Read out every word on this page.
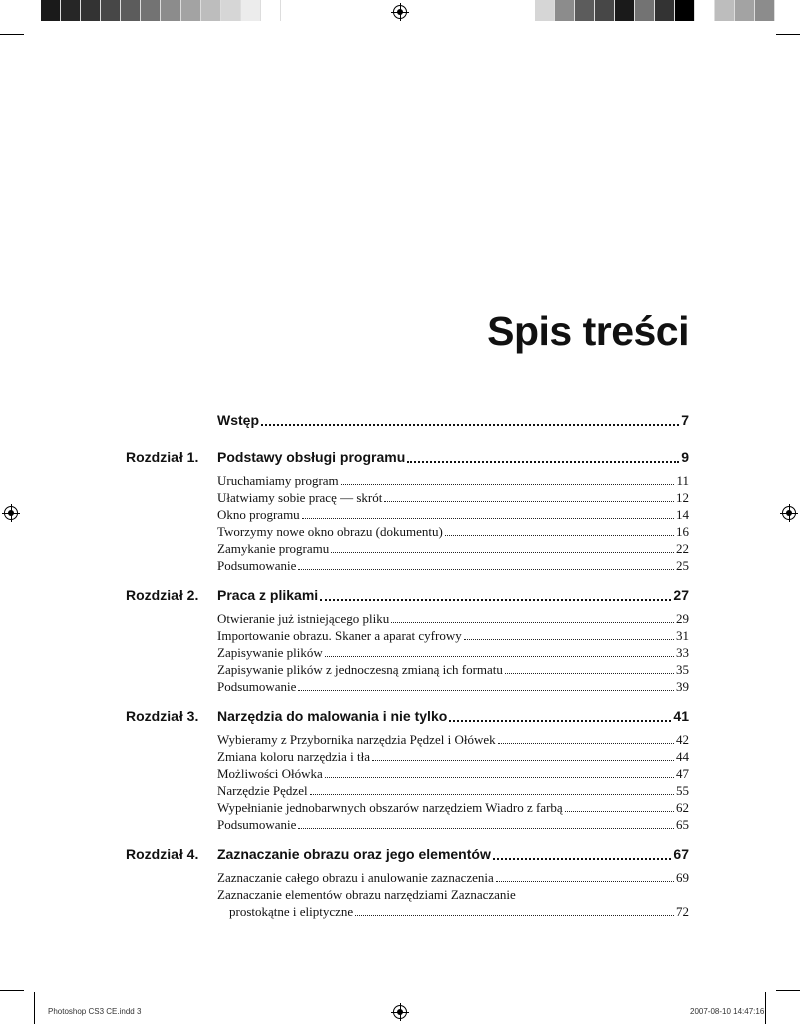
Spis treści
Wstęp	7
Rozdział 1. Podstawy obsługi programu	9
Uruchamiamy program	11
Ułatwiamy sobie pracę — skrót	12
Okno programu	14
Tworzymy nowe okno obrazu (dokumentu)	16
Zamykanie programu	22
Podsumowanie	25
Rozdział 2. Praca z plikami	27
Otwieranie już istniejącego pliku	29
Importowanie obrazu. Skaner a aparat cyfrowy	31
Zapisywanie plików	33
Zapisywanie plików z jednoczesną zmianą ich formatu	35
Podsumowanie	39
Rozdział 3. Narzędzia do malowania i nie tylko	41
Wybieramy z Przybornika narzędzia Pędzel i Ołówek	42
Zmiana koloru narzędzia i tła	44
Możliwości Ołówka	47
Narzędzie Pędzel	55
Wypełnianie jednobarwnych obszarów narzędziem Wiadro z farbą	62
Podsumowanie	65
Rozdział 4. Zaznaczanie obrazu oraz jego elementów	67
Zaznaczanie całego obrazu i anulowanie zaznaczenia	69
Zaznaczanie elementów obrazu narzędziami Zaznaczanie
prostokątne i eliptyczne	72
Photoshop CS3 CE.indd 3	2007-08-10 14:47:16
